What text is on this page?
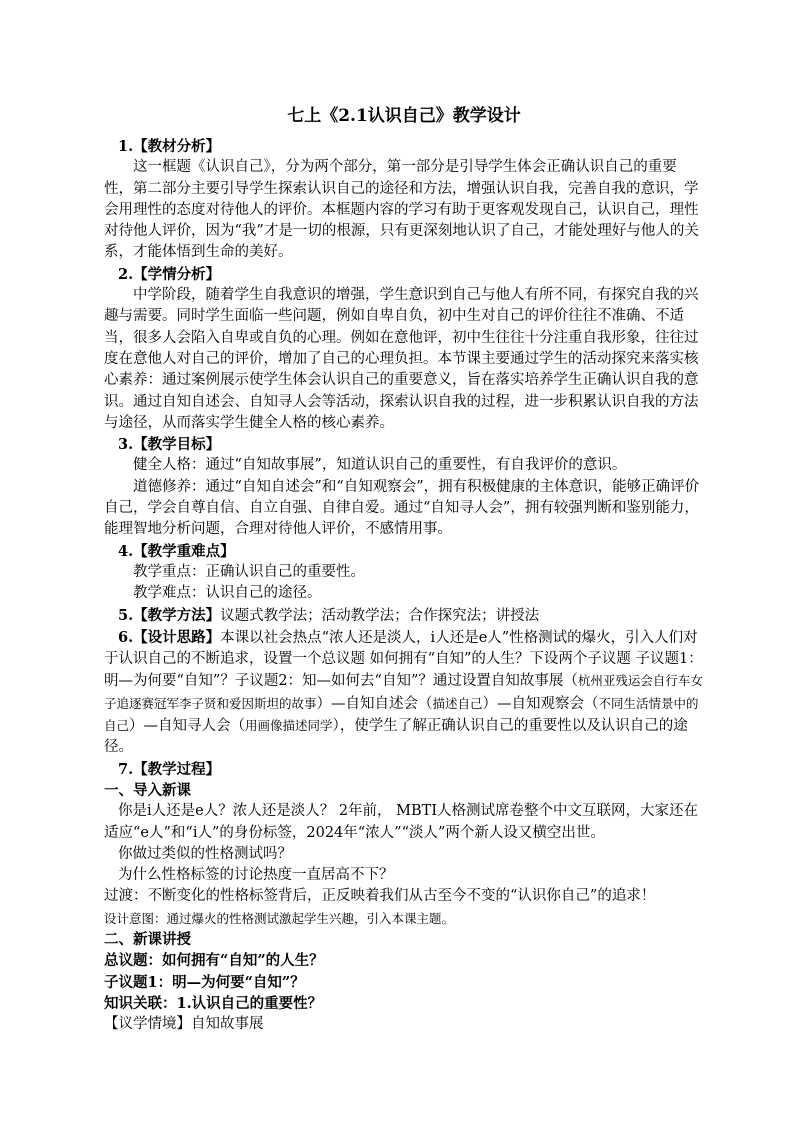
七上《2.1认识自己》教学设计
1.【教材分析】

这一框题《认识自己》，分为两个部分，第一部分是引导学生体会正确认识自己的重要性，第二部分主要引导学生探索认识自己的途径和方法，增强认识自我，完善自我的意识，学会用理性的态度对待他人的评价。本框题内容的学习有助于更客观发现自己，认识自己，理性对待他人评价，因为“我”才是一切的根源，只有更深刻地认识了自己，才能处理好与他人的关系，才能体悟到生命的美好。

2.【学情分析】

中学阶段，随着学生自我意识的增强，学生意识到自己与他人有所不同，有探究自我的兴趣与需要。同时学生面临一些问题，例如自卑自负，初中生对自己的评价往往不准确、不适当，很多人会陷入自卑或自负的心理。例如在意他评，初中生往往十分注重自我形象，往往过度在意他人对自己的评价，增加了自己的心理负担。本节课主要通过学生的活动探究来落实核心素养：通过案例展示使学生体会认识自己的重要意义，旨在落实培养学生正确认识自我的意识。通过自知自述会、自知寻人会等活动，探索认识自我的过程，进一步积累认识自我的方法与途径，从而落实学生健全人格的核心素养。

3.【教学目标】

健全人格：通过“自知故事展”，知道认识自己的重要性，有自我评价的意识。

道德修养：通过“自知自述会”和“自知观察会”，拥有积极健康的主体意识，能够正确评价自己，学会自尊自信、自立自强、自律自爱。通过“自知寻人会”，拥有较强判断和鉴别能力，能理智地分析问题，合理对待他人评价，不感情用事。

4.【教学重难点】

教学重点：正确认识自己的重要性。

教学难点：认识自己的途径。

5.【教学方法】议题式教学法；活动教学法；合作探究法；讲授法

6.【设计思路】本课以社会热点“浓人还是淡人，i人还是e人”性格测试的爆火，引入人们对于认识自己的不断追求，设置一个总议题 如何拥有“自知”的人生？下设两个子议题 子议题1：明—为何要“自知”？子议题2：知—如何去“自知”？通过设置自知故事展（杭州亚残运会自行车女子追逐赛冠军李子贤和爱因斯坦的故事）—自知自述会（描述自己）—自知观察会（不同生活情景中的自己）—自知寻人会（用画像描述同学），使学生了解正确认识自己的重要性以及认识自己的途径。

7.【教学过程】
一、导入新课

你是i人还是e人？浓人还是淡人？ 2年前， MBTI人格测试席卷整个中文互联网，大家还在适应“e人”和“i人”的身份标签，2024年“浓人”“淡人”两个新人设又横空出世。

你做过类似的性格测试吗？

为什么性格标签的讨论热度一直居高不下？

过渡：不断变化的性格标签背后，正反映着我们从古至今不变的“认识你自己”的追求！

设计意图：通过爆火的性格测试激起学生兴趣，引入本课主题。

二、新课讲授
总议题：如何拥有“自知”的人生？
子议题1：明—为何要“自知”？
知识关联：1.认识自己的重要性？
【议学情境】自知故事展
